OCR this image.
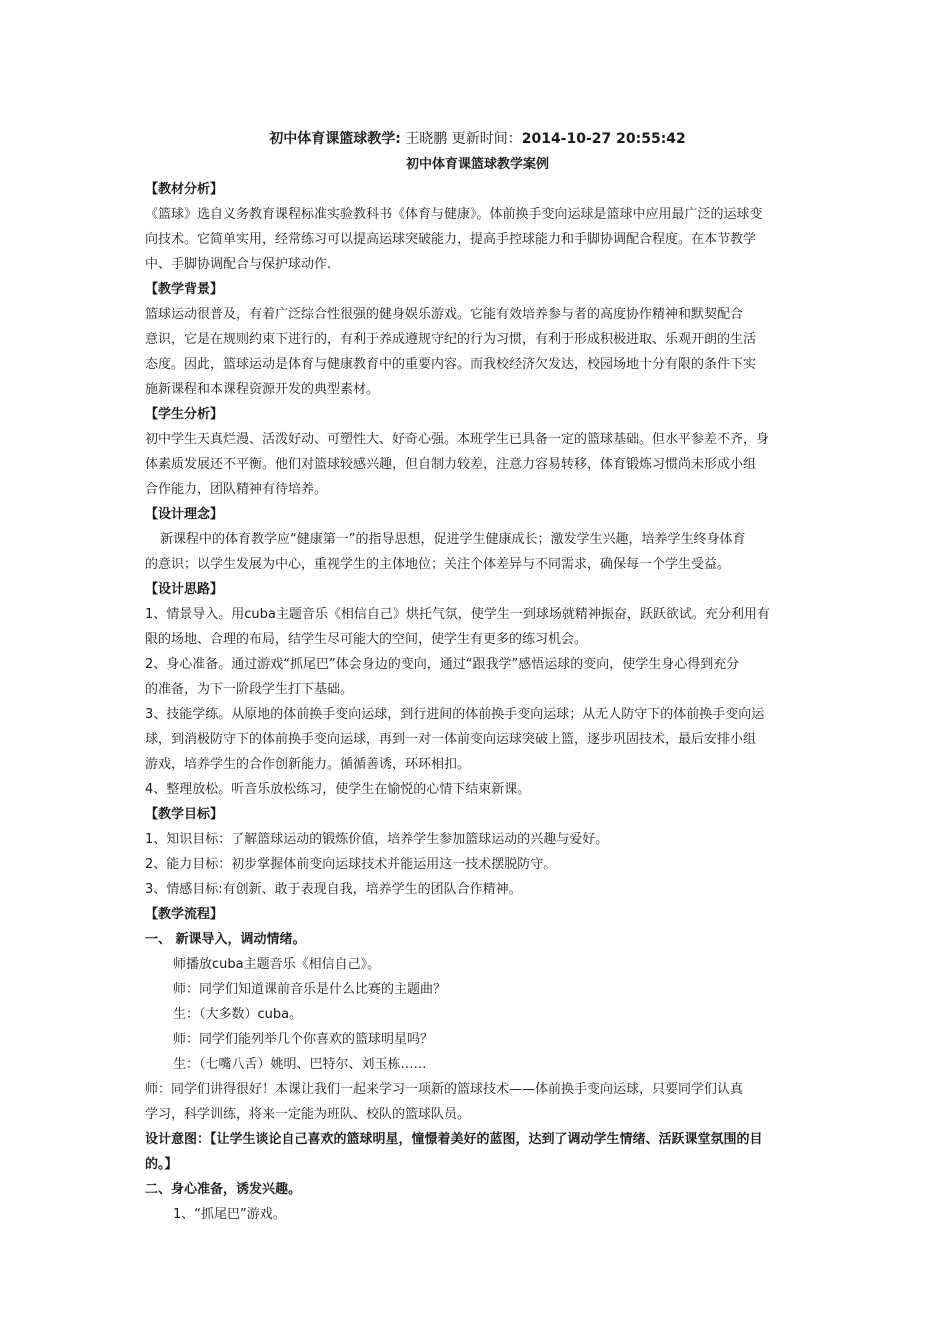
初中体育课篮球教学: 王晓鹏 更新时间：2014-10-27 20:55:42
初中体育课篮球教学案例
【教材分析】
《篮球》选自义务教育课程标准实验教科书《体育与健康》。体前换手变向运球是篮球中应用最广泛的运球变
向技术。它简单实用，经常练习可以提高运球突破能力，提高手控球能力和手脚协调配合程度。在本节教学
中、手脚协调配合与保护球动作.
【教学背景】
篮球运动很普及，有着广泛综合性很强的健身娱乐游戏。它能有效培养参与者的高度协作精神和默契配合
意识，它是在规则约束下进行的，有利于养成遵规守纪的行为习惯，有利于形成积极进取、乐观开朗的生活
态度。因此，篮球运动是体育与健康教育中的重要内容。而我校经济欠发达，校园场地十分有限的条件下实
施新课程和本课程资源开发的典型素材。
【学生分析】
初中学生天真烂漫、活泼好动、可塑性大、好奇心强。本班学生已具备一定的篮球基础。但水平参差不齐，身
体素质发展还不平衡。他们对篮球较感兴趣，但自制力较差，注意力容易转移，体育锻炼习惯尚未形成小组
合作能力，团队精神有待培养。
【设计理念】
新课程中的体育教学应“健康第一”的指导思想，促进学生健康成长；激发学生兴趣，培养学生终身体育
的意识；以学生发展为中心，重视学生的主体地位；关注个体差异与不同需求，确保每一个学生受益。
【设计思路】
1、情景导入。用cuba主题音乐《相信自己》烘托气氛，使学生一到球场就精神振奋，跃跃欲试。充分利用有
限的场地、合理的布局，结学生尽可能大的空间，使学生有更多的练习机会。
2、身心准备。通过游戏“抓尾巴”体会身边的变向，通过“跟我学”感悟运球的变向，使学生身心得到充分
的准备，为下一阶段学生打下基础。
3、技能学练。从原地的体前换手变向运球，到行进间的体前换手变向运球；从无人防守下的体前换手变向运
球，到消极防守下的体前换手变向运球，再到一对一体前变向运球突破上篮，逐步巩固技术，最后安排小组
游戏，培养学生的合作创新能力。循循善诱，环环相扣。
4、整理放松。听音乐放松练习，使学生在愉悦的心情下结束新课。
【教学目标】
1、知识目标：了解篮球运动的锻炼价值，培养学生参加篮球运动的兴趣与爱好。
2、能力目标：初步掌握体前变向运球技术并能运用这一技术摆脱防守。
3、情感目标:有创新、敢于表现自我，培养学生的团队合作精神。
【教学流程】
一、 新课导入，调动情绪。
师播放cuba主题音乐《相信自己》。
师：同学们知道课前音乐是什么比赛的主题曲？
生：（大多数）cuba。
师：同学们能列举几个你喜欢的篮球明星吗？
生：（七嘴八舌）姚明、巴特尔、刘玉栋……
师：同学们讲得很好！本课让我们一起来学习一项新的篮球技术——体前换手变向运球，只要同学们认真
学习，科学训练，将来一定能为班队、校队的篮球队员。
设计意图：【让学生谈论自己喜欢的篮球明星，憧憬着美好的蓝图，达到了调动学生情绪、活跃课堂氛围的目
的。】
二、身心准备，诱发兴趣。
1、“抓尾巴”游戏。
